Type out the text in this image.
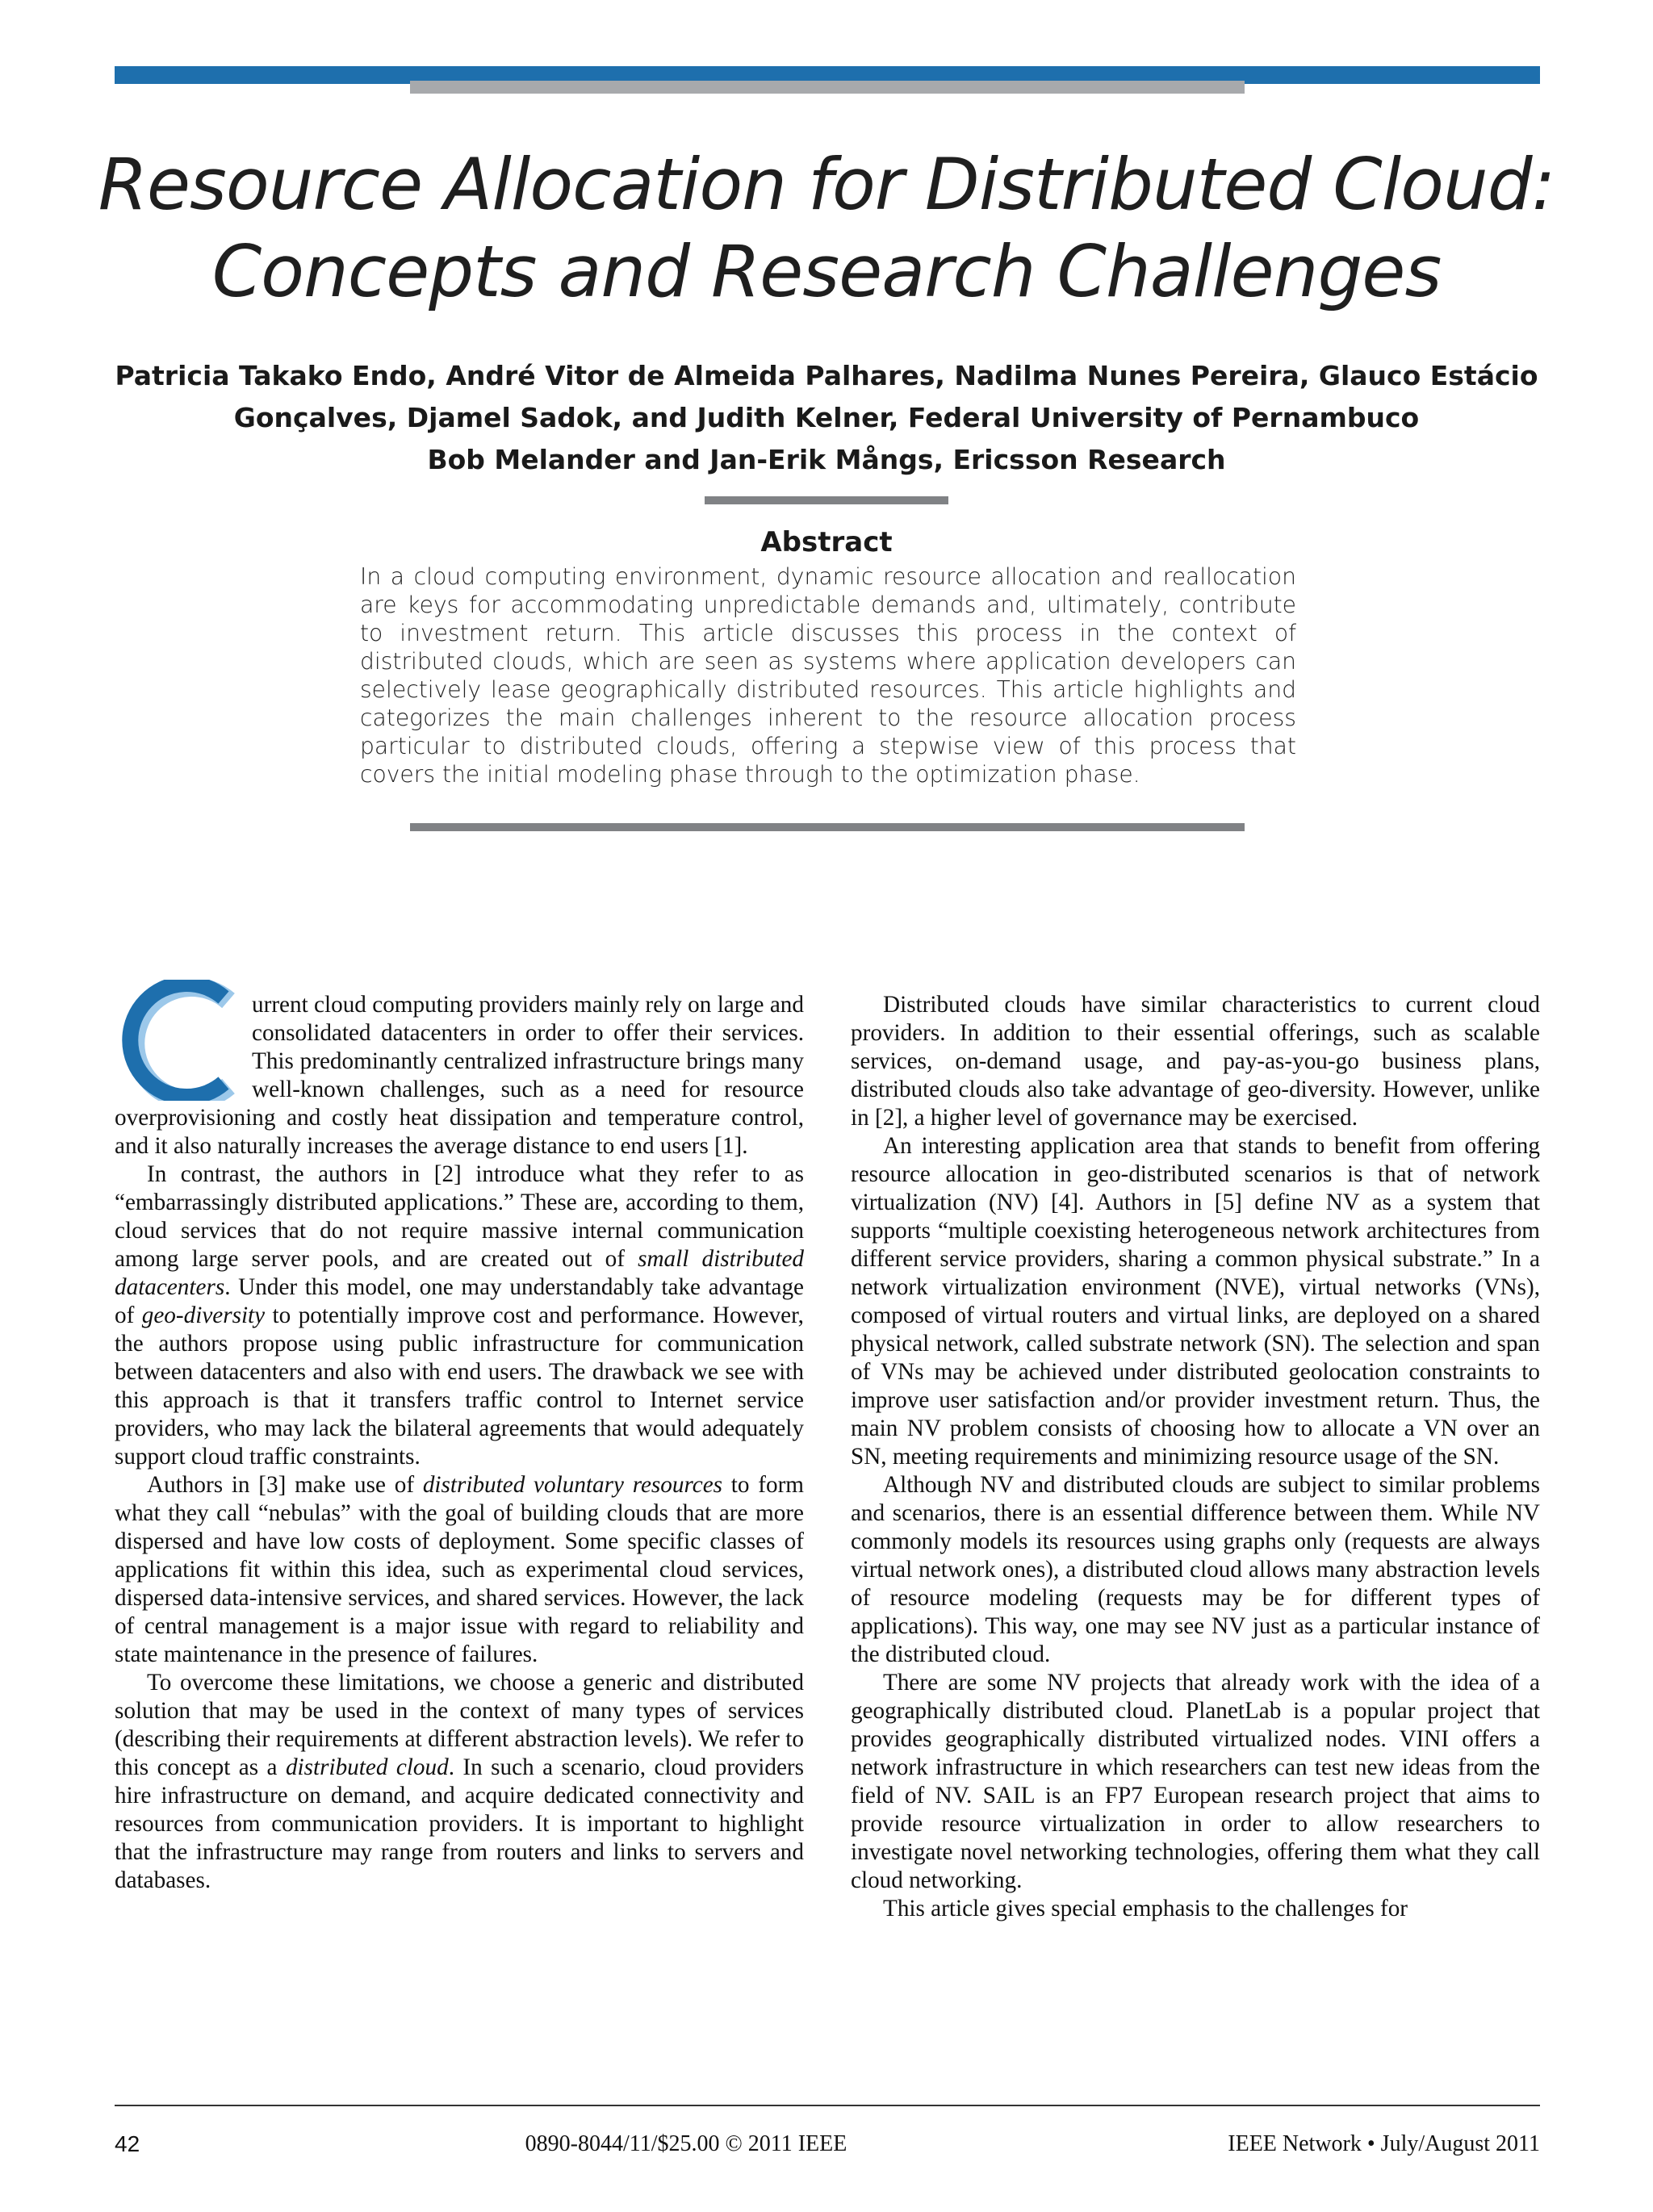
Resource Allocation for Distributed Cloud:
Concepts and Research Challenges
Patricia Takako Endo, André Vitor de Almeida Palhares, Nadilma Nunes Pereira, Glauco Estácio
Gonçalves, Djamel Sadok, and Judith Kelner, Federal University of Pernambuco
Bob Melander and Jan-Erik Mångs, Ericsson Research
Abstract
In a cloud computing environment, dynamic resource allocation and reallocation are keys for accommodating unpredictable demands and, ultimately, contribute to investment return. This article discusses this process in the context of distributed clouds, which are seen as systems where application developers can selectively lease geographically distributed resources. This article highlights and categorizes the main challenges inherent to the resource allocation process particular to distributed clouds, offering a stepwise view of this process that covers the initial modeling phase through to the optimization phase.

urrent cloud computing providers mainly rely on large and consolidated datacenters in order to offer their services. This predominantly centralized infrastructure brings many well-known challenges, such as a need for resource overprovisioning and costly heat dissipation and temperature control, and it also naturally increases the average distance to end users [1].

In contrast, the authors in [2] introduce what they refer to as “embarrassingly distributed applications.” These are, according to them, cloud services that do not require massive internal communication among large server pools, and are created out of small distributed datacenters. Under this model, one may understandably take advantage of geo-diversity to potentially improve cost and performance. However, the authors propose using public infrastructure for communication between datacenters and also with end users. The drawback we see with this approach is that it transfers traffic control to Internet service providers, who may lack the bilateral agreements that would adequately support cloud traffic constraints.

Authors in [3] make use of distributed voluntary resources to form what they call “nebulas” with the goal of building clouds that are more dispersed and have low costs of deployment. Some specific classes of applications fit within this idea, such as experimental cloud services, dispersed data-intensive services, and shared services. However, the lack of central management is a major issue with regard to reliability and state maintenance in the presence of failures.

To overcome these limitations, we choose a generic and distributed solution that may be used in the context of many types of services (describing their requirements at different abstraction levels). We refer to this concept as a distributed cloud. In such a scenario, cloud providers hire infrastructure on demand, and acquire dedicated connectivity and resources from communication providers. It is important to highlight that the infrastructure may range from routers and links to servers and databases.

Distributed clouds have similar characteristics to current cloud providers. In addition to their essential offerings, such as scalable services, on-demand usage, and pay-as-you-go business plans, distributed clouds also take advantage of geo-diversity. However, unlike in [2], a higher level of governance may be exercised.

An interesting application area that stands to benefit from offering resource allocation in geo-distributed scenarios is that of network virtualization (NV) [4]. Authors in [5] define NV as a system that supports “multiple coexisting heterogeneous network architectures from different service providers, sharing a common physical substrate.” In a network virtualization environment (NVE), virtual networks (VNs), composed of virtual routers and virtual links, are deployed on a shared physical network, called substrate network (SN). The selection and span of VNs may be achieved under distributed geolocation constraints to improve user satisfaction and/or provider investment return. Thus, the main NV problem consists of choosing how to allocate a VN over an SN, meeting requirements and minimizing resource usage of the SN.

Although NV and distributed clouds are subject to similar problems and scenarios, there is an essential difference between them. While NV commonly models its resources using graphs only (requests are always virtual network ones), a distributed cloud allows many abstraction levels of resource modeling (requests may be for different types of applications). This way, one may see NV just as a particular instance of the distributed cloud.

There are some NV projects that already work with the idea of a geographically distributed cloud. PlanetLab is a popular project that provides geographically distributed virtualized nodes. VINI offers a network infrastructure in which researchers can test new ideas from the field of NV. SAIL is an FP7 European research project that aims to provide resource virtualization in order to allow researchers to investigate novel networking technologies, offering them what they call cloud networking.

This article gives special emphasis to the challenges for

42	0890-8044/11/$25.00 © 2011 IEEE	IEEE Network • July/August 2011
